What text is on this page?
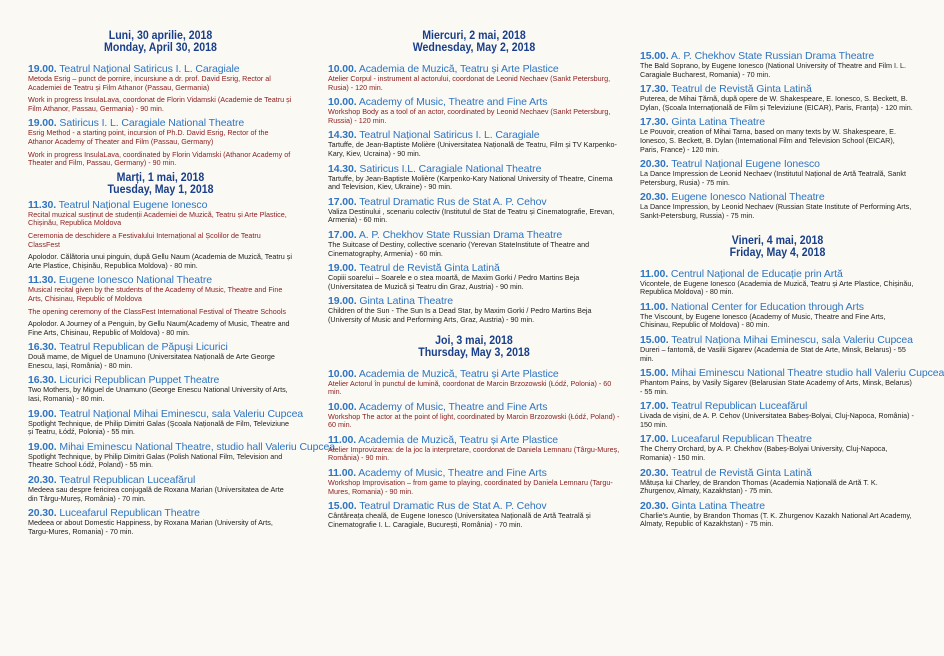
Luni, 30 aprilie, 2018
Monday, April 30, 2018
19.00. Teatrul Național Satiricus I. L. Caragiale
Metoda Esrig – punct de pornire, incursiune a dr. prof. David Esrig, Rector al Academiei de Teatru și Film Athanor (Passau, Germania)
Work in progress InsulaLava, coordonat de Florin Vidamski (Academie de Teatru și Film Athanor, Passau, Germania) - 90 min.
19.00. Satiricus I. L. Caragiale National Theatre
Esrig Method - a starting point, incursion of Ph.D. David Esrig, Rector of the Athanor Academy of Theater and Film (Passau, Germany)
Work in progress InsulaLava, coordinated by Florin Vidamski (Athanor Academy of Theater and Film, Passau, Germany) - 90 min.
Marți, 1 mai, 2018
Tuesday, May 1, 2018
11.30. Teatrul Național Eugene Ionesco
Recital muzical susținut de studenții Academiei de Muzică, Teatru și Arte Plastice, Chișinău, Republica Moldova
Ceremonia de deschidere a Festivalului Internațional al Școlilor de Teatru ClassFest
Apolodor. Călătoria unui pinguin, după Gellu Naum (Academia de Muzică, Teatru și Arte Plastice, Chișinău, Republica Moldova) - 80 min.
11.30. Eugene Ionesco National Theatre
Musical recital given by the students of the Academy of Music, Theatre and Fine Arts, Chisinau, Republic of Moldova
The opening ceremony of the ClassFest International Festival of Theatre Schools
Apolodor. A Journey of a Penguin, by Gellu Naum(Academy of Music, Theatre and Fine Arts, Chisinau, Republic of Moldova) - 80 min.
16.30. Teatrul Republican de Păpuși Licurici
Două mame, de Miguel de Unamuno (Universitatea Națională de Arte George Enescu, Iași, România) - 80 min.
16.30. Licurici Republican Puppet Theatre
Two Mothers, by Miguel de Unamuno (George Enescu National University of Arts, Iasi, Romania) - 80 min.
19.00. Teatrul Național Mihai Eminescu, sala Valeriu Cupcea
Spotlight Technique, de Philip Dimitri Galas (Școala Națională de Film, Televiziune și Teatru, Łódź, Polonia) - 55 min.
19.00. Mihai Eminescu National Theatre, studio hall Valeriu Cupcea
Spotlight Technique, by Philip Dimitri Galas (Polish National Film, Television and Theatre School Łódź, Poland) - 55 min.
20.30. Teatrul Republican Luceafărul
Medeea sau despre fericirea conjugală de Roxana Marian (Universitatea de Arte din Târgu-Mureș, România) - 70 min.
20.30. Luceafarul Republican Theatre
Medeea or about Domestic Happiness, by Roxana Marian (University of Arts, Targu-Mures, Romania) - 70 min.
Miercuri, 2 mai, 2018
Wednesday, May 2, 2018
10.00. Academia de Muzică, Teatru și Arte Plastice
Atelier Corpul - instrument al actorului, coordonat de Leonid Nechaev (Sankt Petersburg, Rusia) - 120 min.
10.00. Academy of Music, Theatre and Fine Arts
Workshop Body as a tool of an actor, coordinated by Leonid Nechaev (Sankt Petersburg, Russia) - 120 min.
14.30. Teatrul Național Satiricus I. L. Caragiale
Tartuffe, de Jean-Baptiste Molière (Universitatea Națională de Teatru, Film și TV Karpenko-Kary, Kiev, Ucraina) - 90 min.
14.30. Satiricus I.L. Caragiale National Theatre
Tartuffe, by Jean-Baptiste Molière (Karpenko-Kary National University of Theatre, Cinema and Television, Kiev, Ukraine) - 90 min.
17.00. Teatrul Dramatic Rus de Stat A. P. Cehov
Valiza Destinului , scenariu colectiv (Institutul de Stat de Teatru și Cinematografie, Erevan, Armenia) - 60 min.
17.00. A. P. Chekhov State Russian Drama Theatre
The Suitcase of Destiny, collective scenario (Yerevan StateInstitute of Theatre and Cinematography, Armenia) - 60 min.
19.00. Teatrul de Revistă Ginta Latină
Copiii soarelui – Soarele e o stea moartă, de Maxim Gorki / Pedro Martins Beja (Universitatea de Muzică și Teatru din Graz, Austria) - 90 min.
19.00. Ginta Latina Theatre
Children of the Sun - The Sun Is a Dead Star, by Maxim Gorki / Pedro Martins Beja (University of Music and Performing Arts, Graz, Austria) - 90 min.
Joi, 3 mai, 2018
Thursday, May 3, 2018
10.00. Academia de Muzică, Teatru și Arte Plastice
Atelier Actorul în punctul de lumină, coordonat de Marcin Brzozowski (Łódź, Polonia) - 60 min.
10.00. Academy of Music, Theatre and Fine Arts
Workshop The actor at the point of light, coordinated by Marcin Brzozowski (Łódź, Poland) - 60 min.
11.00. Academia de Muzică, Teatru și Arte Plastice
Atelier Improvizarea: de la joc la interpretare, coordonat de Daniela Lemnaru (Târgu-Mureș, România) - 90 min.
11.00. Academy of Music, Theatre and Fine Arts
Workshop Improvisation – from game to playing, coordinated by Daniela Lemnaru (Targu-Mures, Romania) - 90 min.
15.00. Teatrul Dramatic Rus de Stat A. P. Cehov
Cântăreața cheală, de Eugene Ionesco (Universitatea Națională de Artă Teatrală și Cinematografie I. L. Caragiale, București, România) - 70 min.
15.00. A. P. Chekhov State Russian Drama Theatre
The Bald Soprano, by Eugene Ionesco (National University of Theatre and Film I. L. Caragiale Bucharest, Romania) - 70 min.
17.30. Teatrul de Revistă Ginta Latină
Puterea, de Mihai Țărnă, după opere de W. Shakespeare, E. Ionesco, S. Beckett, B. Dylan, (Școala Internațională de Film și Televiziune (EICAR), Paris, Franța) - 120 min.
17.30. Ginta Latina Theatre
Le Pouvoir, creation of Mihai Tarna, based on many texts by W. Shakespeare, E. Ionesco, S. Beckett, B. Dylan (International Film and Television School (EICAR), Paris, France) - 120 min.
20.30. Teatrul Național Eugene Ionesco
La Dance Impression de Leonid Nechaev (Institutul Național de Artă Teatrală, Sankt Petersburg, Rusia) - 75 min.
20.30. Eugene Ionesco National Theatre
La Dance Impression, by Leonid Nechaev (Russian State Institute of Performing Arts, Sankt-Petersburg, Russia) - 75 min.
Vineri, 4 mai, 2018
Friday, May 4, 2018
11.00. Centrul Național de Educație prin Artă
Vicontele, de Eugene Ionesco (Academia de Muzică, Teatru și Arte Plastice, Chișinău, Republica Moldova) - 80 min.
11.00. National Center for Education through Arts
The Viscount, by Eugene Ionesco (Academy of Music, Theatre and Fine Arts, Chisinau, Republic of Moldova) - 80 min.
15.00. Teatrul Naționa Mihai Eminescu, sala Valeriu Cupcea
Dureri – fantomă, de Vasilii Sigarev (Academia de Stat de Arte, Minsk, Belarus) - 55 min.
15.00. Mihai Eminescu National Theatre studio hall Valeriu Cupcea
Phantom Pains, by Vasily Sigarev (Belarusian State Academy of Arts, Minsk, Belarus) - 55 min.
17.00. Teatrul Republican Luceafărul
Livada de vișini, de A. P. Cehov (Universitatea Babeș-Bolyai, Cluj-Napoca, România) - 150 min.
17.00. Luceafarul Republican Theatre
The Cherry Orchard, by A. P. Chekhov (Babeș-Bolyai University, Cluj-Napoca, Romania) - 150 min.
20.30. Teatrul de Revistă Ginta Latină
Mătușa lui Charley, de Brandon Thomas (Academia Națională de Artă T. K. Zhurgenov, Almaty, Kazakhstan) - 75 min.
20.30. Ginta Latina Theatre
Charlie's Auntie, by Brandon Thomas (T. K. Zhurgenov Kazakh National Art Academy, Almaty, Republic of Kazakhstan) - 75 min.
